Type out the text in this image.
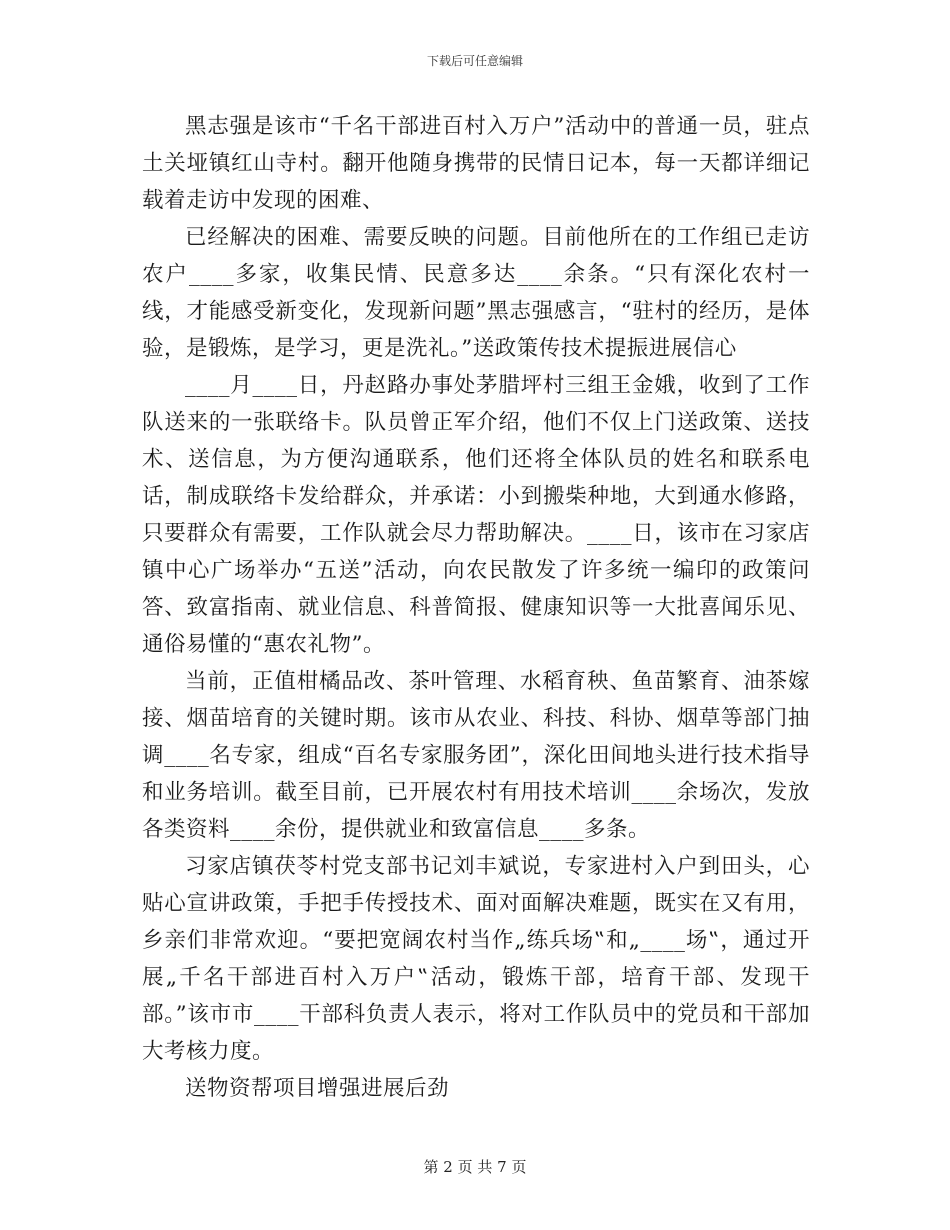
下载后可任意编辑

黑志强是该市“千名干部进百村入万户”活动中的普通一员，驻点土关垭镇红山寺村。翻开他随身携带的民情日记本，每一天都详细记载着走访中发现的困难、

已经解决的困难、需要反映的问题。目前他所在的工作组已走访农户____多家，收集民情、民意多达____余条。“只有深化农村一线，才能感受新变化，发现新问题”黑志强感言，“驻村的经历，是体验，是锻炼，是学习，更是洗礼。”送政策传技术提振进展信心

____月____日，丹赵路办事处茅腊坪村三组王金娥，收到了工作队送来的一张联络卡。队员曾正军介绍，他们不仅上门送政策、送技术、送信息，为方便沟通联系，他们还将全体队员的姓名和联系电话，制成联络卡发给群众，并承诺：小到搬柴种地，大到通水修路，只要群众有需要，工作队就会尽力帮助解决。____日，该市在习家店镇中心广场举办“五送”活动，向农民散发了许多统一编印的政策问答、致富指南、就业信息、科普简报、健康知识等一大批喜闻乐见、通俗易懂的“惠农礼物”。

当前，正值柑橘品改、茶叶管理、水稻育秧、鱼苗繁育、油茶嫁接、烟苗培育的关键时期。该市从农业、科技、科协、烟草等部门抽调____名专家，组成“百名专家服务团”，深化田间地头进行技术指导和业务培训。截至目前，已开展农村有用技术培训____余场次，发放各类资料____余份，提供就业和致富信息____多条。

习家店镇茯苓村党支部书记刘丰斌说，专家进村入户到田头，心贴心宣讲政策，手把手传授技术、面对面解决难题，既实在又有用，乡亲们非常欢迎。“要把宽阔农村当作„练兵场‟和„____场‟，通过开展„千名干部进百村入万户‟活动，锻炼干部，培育干部、发现干部。”该市市____干部科负责人表示，将对工作队员中的党员和干部加大考核力度。

送物资帮项目增强进展后劲

第 2 页 共 7 页
